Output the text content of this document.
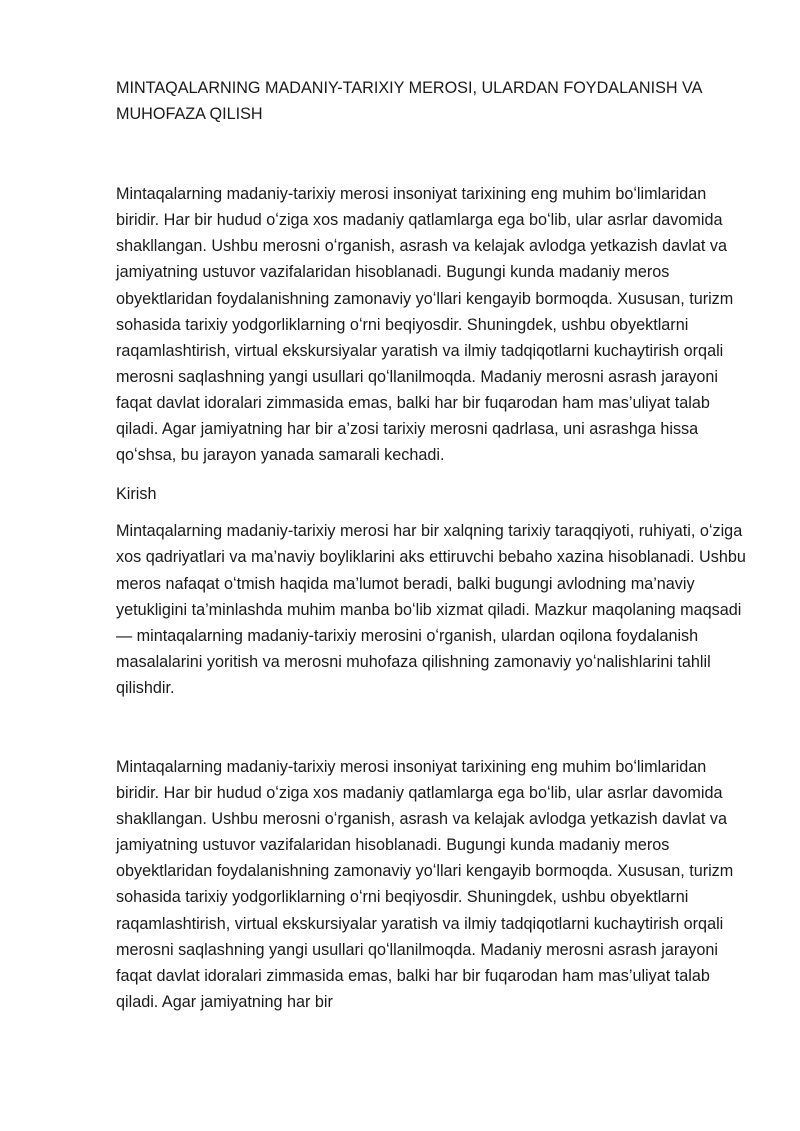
MINTAQALARNING MADANIY-TARIXIY MEROSI, ULARDAN FOYDALANISH VA MUHOFAZA QILISH

Mintaqalarning madaniy-tarixiy merosi insoniyat tarixining eng muhim boʻlimlaridan biridir. Har bir hudud oʻziga xos madaniy qatlamlarga ega boʻlib, ular asrlar davomida shakllangan. Ushbu merosni oʻrganish, asrash va kelajak avlodga yetkazish davlat va jamiyatning ustuvor vazifalaridan hisoblanadi. Bugungi kunda madaniy meros obyektlaridan foydalanishning zamonaviy yoʻllari kengayib bormoqda. Xususan, turizm sohasida tarixiy yodgorliklarning oʻrni beqiyosdir. Shuningdek, ushbu obyektlarni raqamlashtirish, virtual ekskursiyalar yaratish va ilmiy tadqiqotlarni kuchaytirish orqali merosni saqlashning yangi usullari qoʻllanilmoqda. Madaniy merosni asrash jarayoni faqat davlat idoralari zimmasida emas, balki har bir fuqarodan ham mas’uliyat talab qiladi. Agar jamiyatning har bir a’zosi tarixiy merosni qadrlasa, uni asrashga hissa qoʻshsa, bu jarayon yanada samarali kechadi.

Kirish

Mintaqalarning madaniy-tarixiy merosi har bir xalqning tarixiy taraqqiyoti, ruhiyati, oʻziga xos qadriyatlari va ma’naviy boyliklarini aks ettiruvchi bebaho xazina hisoblanadi. Ushbu meros nafaqat oʻtmish haqida ma’lumot beradi, balki bugungi avlodning ma’naviy yetukligini ta’minlashda muhim manba boʻlib xizmat qiladi. Mazkur maqolaning maqsadi — mintaqalarning madaniy-tarixiy merosini oʻrganish, ulardan oqilona foydalanish masalalarini yoritish va merosni muhofaza qilishning zamonaviy yoʻnalishlarini tahlil qilishdir.

Mintaqalarning madaniy-tarixiy merosi insoniyat tarixining eng muhim boʻlimlaridan biridir. Har bir hudud oʻziga xos madaniy qatlamlarga ega boʻlib, ular asrlar davomida shakllangan. Ushbu merosni oʻrganish, asrash va kelajak avlodga yetkazish davlat va jamiyatning ustuvor vazifalaridan hisoblanadi. Bugungi kunda madaniy meros obyektlaridan foydalanishning zamonaviy yoʻllari kengayib bormoqda. Xususan, turizm sohasida tarixiy yodgorliklarning oʻrni beqiyosdir. Shuningdek, ushbu obyektlarni raqamlashtirish, virtual ekskursiyalar yaratish va ilmiy tadqiqotlarni kuchaytirish orqali merosni saqlashning yangi usullari qoʻllanilmoqda. Madaniy merosni asrash jarayoni faqat davlat idoralari zimmasida emas, balki har bir fuqarodan ham mas’uliyat talab qiladi. Agar jamiyatning har bir
